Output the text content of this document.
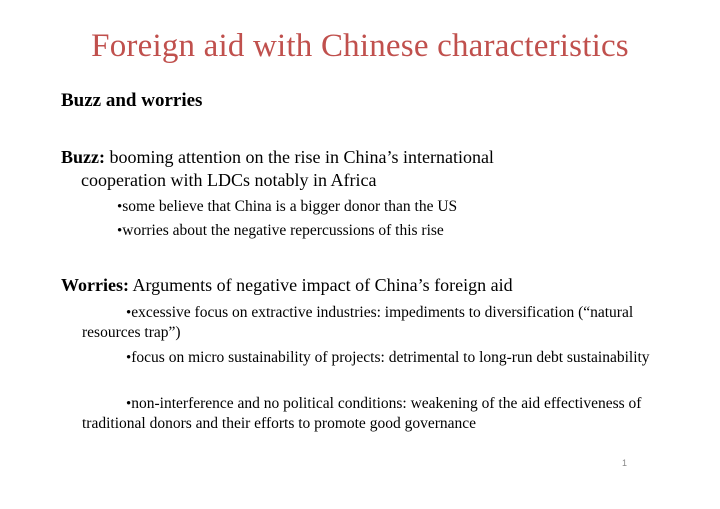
Foreign aid with Chinese characteristics
Buzz and worries
Buzz: booming attention on the rise in China’s international
cooperation with LDCs notably in Africa
•some believe that China is a bigger donor than the US
•worries about the negative repercussions of this rise
Worries: Arguments of negative impact of China’s foreign aid
•excessive focus on extractive industries: impediments to diversification (“natural resources trap”)
•focus on micro sustainability of projects: detrimental to long-run debt sustainability
•non-interference and no political conditions: weakening of the aid effectiveness of traditional donors and their efforts to promote good governance
1
